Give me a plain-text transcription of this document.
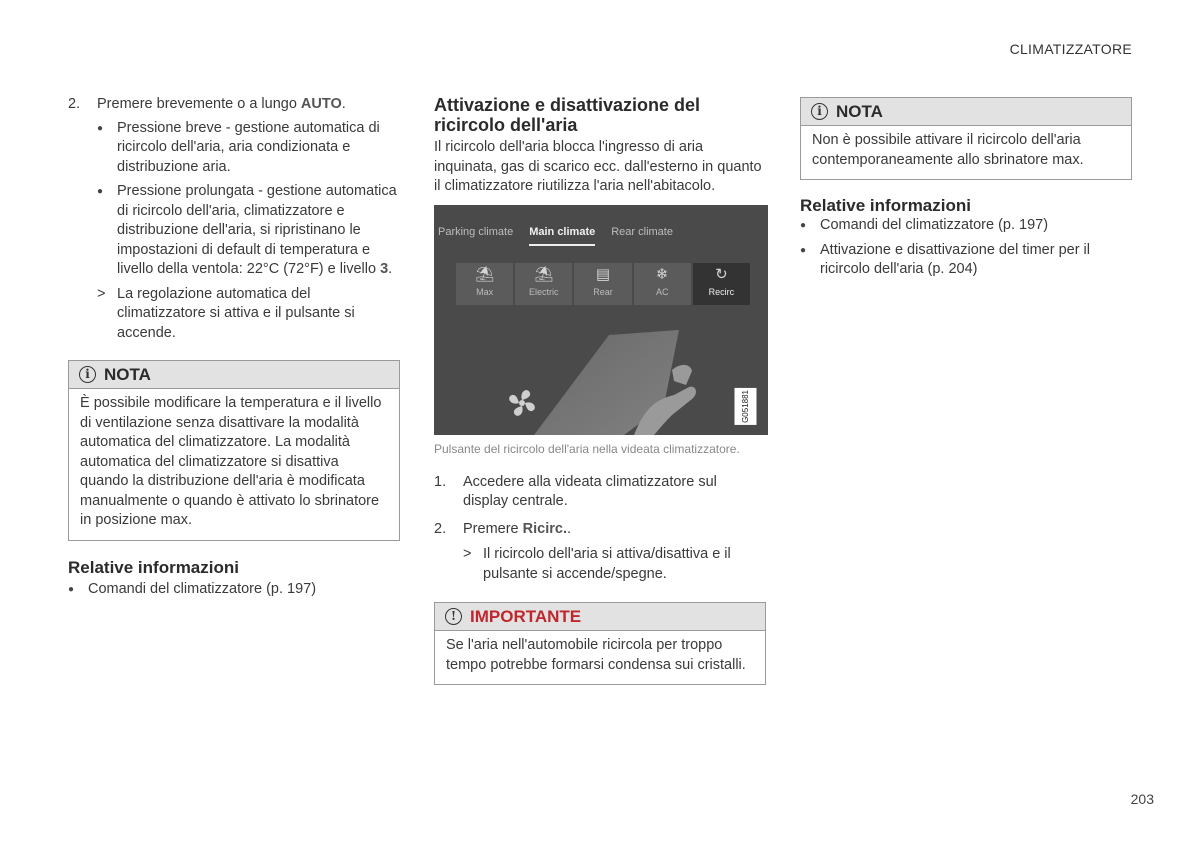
CLIMATIZZATORE
2. Premere brevemente o a lungo AUTO.
● Pressione breve - gestione automatica di ricircolo dell'aria, aria condizionata e distribuzione aria.
● Pressione prolungata - gestione automatica di ricircolo dell'aria, climatizzatore e distribuzione dell'aria, si ripristinano le impostazioni di default di temperatura e livello della ventola: 22°C (72°F) e livello 3.
> La regolazione automatica del climatizzatore si attiva e il pulsante si accende.
i NOTA
È possibile modificare la temperatura e il livello di ventilazione senza disattivare la modalità automatica del climatizzatore. La modalità automatica del climatizzatore si disattiva quando la distribuzione dell'aria è modificata manualmente o quando è attivato lo sbrinatore in posizione max.
Relative informazioni
● Comandi del climatizzatore (p. 197)
Attivazione e disattivazione del ricircolo dell'aria
Il ricircolo dell'aria blocca l'ingresso di aria inquinata, gas di scarico ecc. dall'esterno in quanto il climatizzatore riutilizza l'aria nell'abitacolo.
Parking climate Main climate Rear climate
⛱
Max
⛱
Electric
▤
Rear
❄
AC
↻
Recirc
G051881
Pulsante del ricircolo dell'aria nella videata climatizzatore.
1. Accedere alla videata climatizzatore sul display centrale.
2. Premere Ricirc..
> Il ricircolo dell'aria si attiva/disattiva e il pulsante si accende/spegne.
! IMPORTANTE
Se l'aria nell'automobile ricircola per troppo tempo potrebbe formarsi condensa sui cristalli.
i NOTA
Non è possibile attivare il ricircolo dell'aria contemporaneamente allo sbrinatore max.
Relative informazioni
● Comandi del climatizzatore (p. 197)
● Attivazione e disattivazione del timer per il ricircolo dell'aria (p. 204)
203
